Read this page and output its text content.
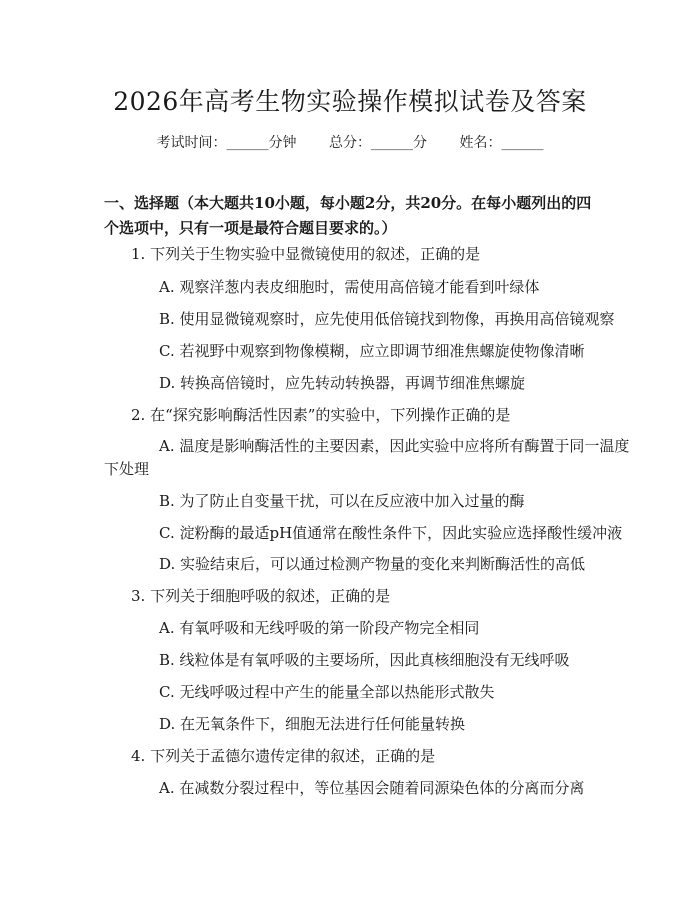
2026年高考生物实验操作模拟试卷及答案
考试时间：______分钟 总分：______分 姓名：______
一、选择题（本大题共10小题，每小题2分，共20分。在每小题列出的四个选项中，只有一项是最符合题目要求的。）
1. 下列关于生物实验中显微镜使用的叙述，正确的是
A. 观察洋葱内表皮细胞时，需使用高倍镜才能看到叶绿体
B. 使用显微镜观察时，应先使用低倍镜找到物像，再换用高倍镜观察
C. 若视野中观察到物像模糊，应立即调节细准焦螺旋使物像清晰
D. 转换高倍镜时，应先转动转换器，再调节细准焦螺旋
2. 在“探究影响酶活性因素”的实验中，下列操作正确的是
A. 温度是影响酶活性的主要因素，因此实验中应将所有酶置于同一温度
下处理
B. 为了防止自变量干扰，可以在反应液中加入过量的酶
C. 淀粉酶的最适pH值通常在酸性条件下，因此实验应选择酸性缓冲液
D. 实验结束后，可以通过检测产物量的变化来判断酶活性的高低
3. 下列关于细胞呼吸的叙述，正确的是
A. 有氧呼吸和无线呼吸的第一阶段产物完全相同
B. 线粒体是有氧呼吸的主要场所，因此真核细胞没有无线呼吸
C. 无线呼吸过程中产生的能量全部以热能形式散失
D. 在无氧条件下，细胞无法进行任何能量转换
4. 下列关于孟德尔遗传定律的叙述，正确的是
A. 在减数分裂过程中，等位基因会随着同源染色体的分离而分离
